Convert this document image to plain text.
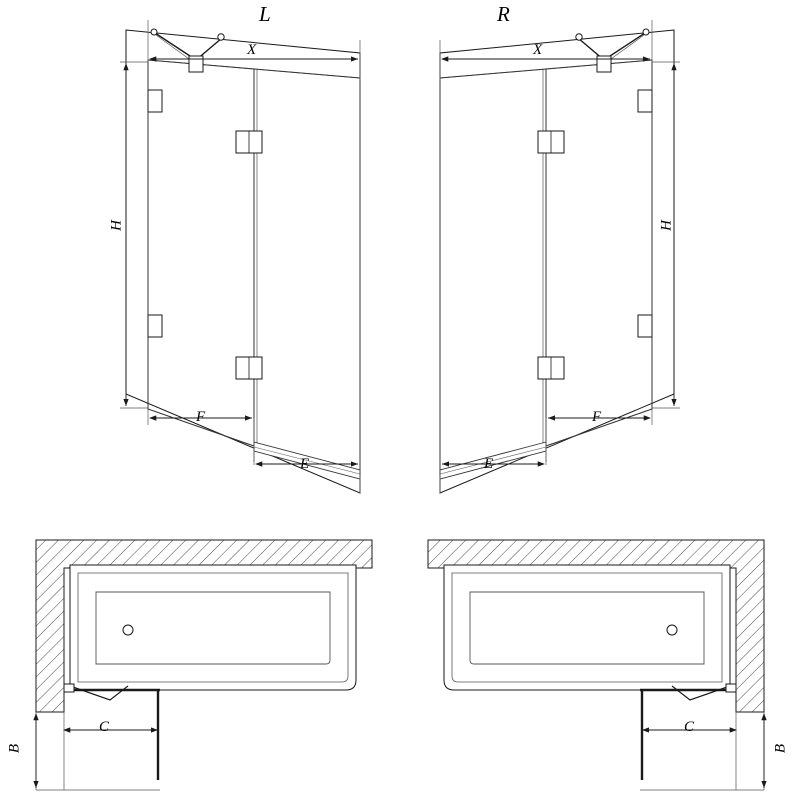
L	R
X	X
H	H
F
E
F
E
B
C
B
C
